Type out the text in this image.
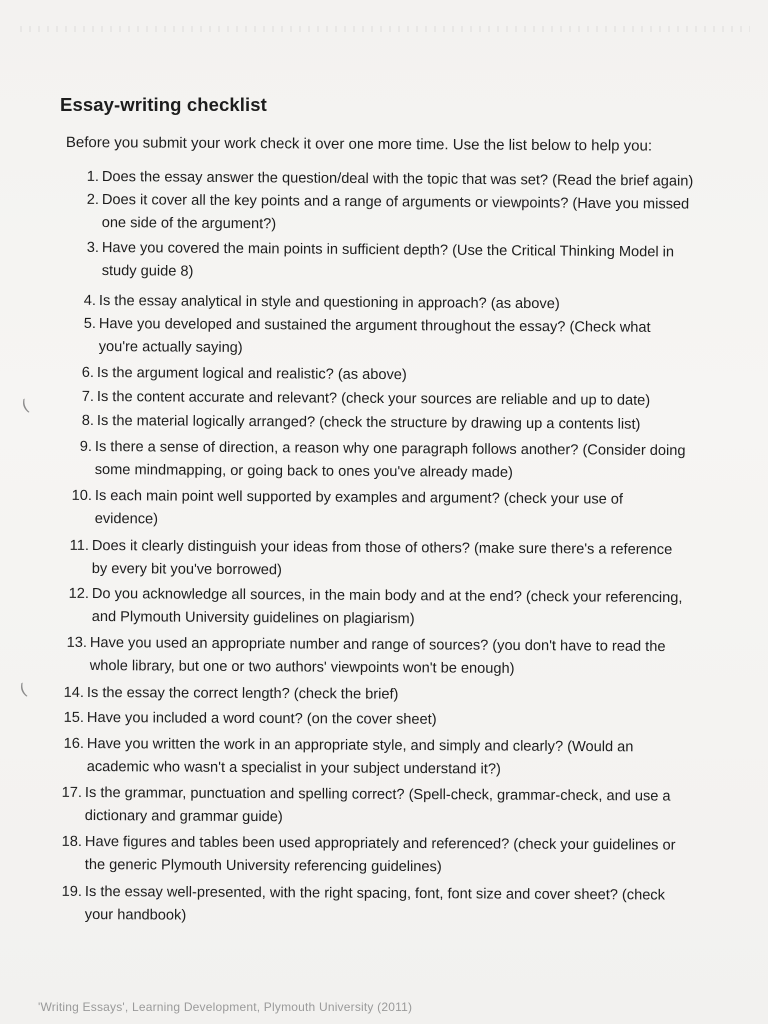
Essay-writing checklist
Before you submit your work check it over one more time. Use the list below to help you:
1. Does the essay answer the question/deal with the topic that was set? (Read the brief again)
2. Does it cover all the key points and a range of arguments or viewpoints? (Have you missed
one side of the argument?)
3. Have you covered the main points in sufficient depth? (Use the Critical Thinking Model in
study guide 8)
4. Is the essay analytical in style and questioning in approach? (as above)
5. Have you developed and sustained the argument throughout the essay? (Check what
you're actually saying)
6. Is the argument logical and realistic? (as above)
7. Is the content accurate and relevant? (check your sources are reliable and up to date)
8. Is the material logically arranged? (check the structure by drawing up a contents list)
9. Is there a sense of direction, a reason why one paragraph follows another? (Consider doing
some mindmapping, or going back to ones you've already made)
10. Is each main point well supported by examples and argument? (check your use of
evidence)
11. Does it clearly distinguish your ideas from those of others? (make sure there's a reference
by every bit you've borrowed)
12. Do you acknowledge all sources, in the main body and at the end? (check your referencing,
and Plymouth University guidelines on plagiarism)
13. Have you used an appropriate number and range of sources? (you don't have to read the
whole library, but one or two authors' viewpoints won't be enough)
14. Is the essay the correct length? (check the brief)
15. Have you included a word count? (on the cover sheet)
16. Have you written the work in an appropriate style, and simply and clearly? (Would an
academic who wasn't a specialist in your subject understand it?)
17. Is the grammar, punctuation and spelling correct? (Spell-check, grammar-check, and use a
dictionary and grammar guide)
18. Have figures and tables been used appropriately and referenced? (check your guidelines or
the generic Plymouth University referencing guidelines)
19. Is the essay well-presented, with the right spacing, font, font size and cover sheet? (check
your handbook)
(
(
'Writing Essays', Learning Development, Plymouth University (2011)
